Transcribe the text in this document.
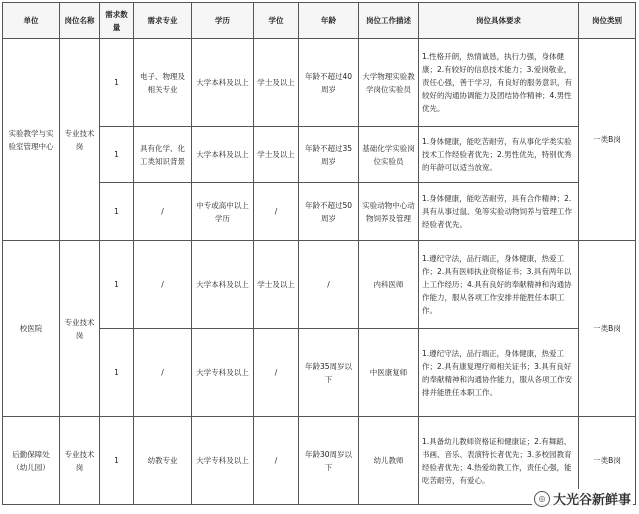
单位	岗位名称	需求数量	需求专业	学历	学位	年龄	岗位工作描述	岗位具体要求	岗位类别
实验教学与实验室管理中心	专业技术岗	1	电子、物理及相关专业	大学本科及以上	学士及以上	年龄不超过40周岁	大学物理实验教学岗位实验员	1.性格开朗，热情诚恳，执行力强，身体健康；2.有较好的信息技术能力；3.爱岗敬业，责任心强，善于学习，有良好的服务意识，有较好的沟通协调能力及团结协作精神；4.男性优先。	一类B岗
		1	具有化学、化工类知识背景	大学本科及以上	学士及以上	年龄不超过35周岁	基础化学实验岗位实验员	1.身体健康，能吃苦耐劳，有从事化学类实验技术工作经验者优先；2.男性优先，特别优秀的年龄可以适当放宽。	
		1	/	中专或高中以上学历	/	年龄不超过50周岁	实验动物中心动物饲养及管理	1.身体健康，能吃苦耐劳，具有合作精神；2.具有从事过鼠、兔等实验动物饲养与管理工作经验者优先。	
校医院	专业技术岗	1	/	大学本科及以上	学士及以上	/	内科医师	1.遵纪守法，品行端正，身体健康，热爱工作；2.具有医师执业资格证书；3.具有两年以上工作经历；4.具有良好的奉献精神和沟通协作能力，服从各项工作安排并能胜任本职工作。	一类B岗
		1	/	大学专科及以上	/	年龄35周岁以下	中医康复师	1.遵纪守法，品行端正，身体健康，热爱工作；2.具有康复理疗师相关证书；3.具有良好的奉献精神和沟通协作能力，服从各项工作安排并能胜任本职工作。	
后勤保障处（幼儿园）	专业技术岗	1	幼教专业	大学专科及以上	/	年龄30周岁以下	幼儿教师	1.具备幼儿教师资格证和健康证；2.有舞蹈、书画、音乐、表演特长者优先；3.多校园教育经验者优先；4.热爱幼教工作，责任心强，能吃苦耐劳，有爱心。	一类B岗
◎ 大光谷新鲜事
